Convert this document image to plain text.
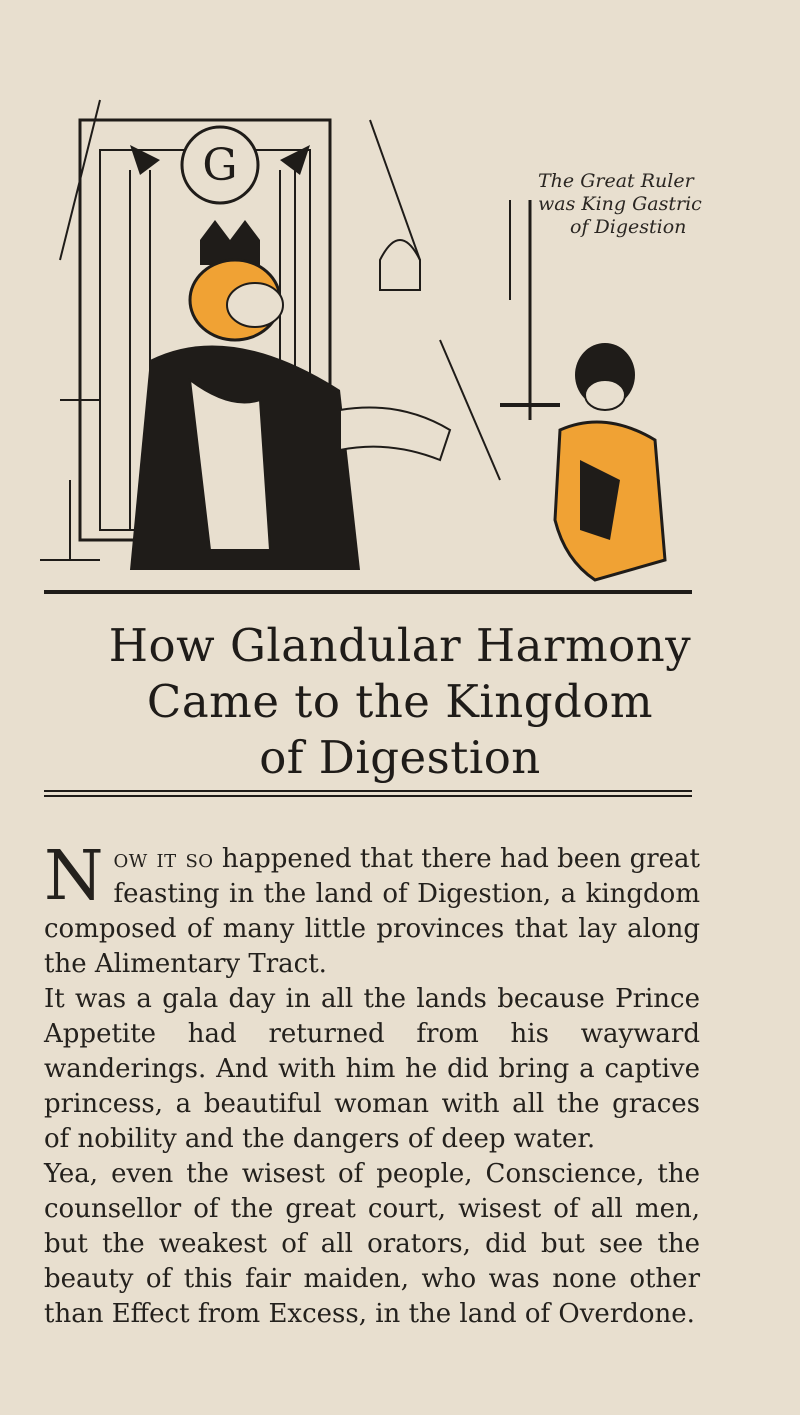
G	The Great Ruler
was King Gastric
of Digestion
How Glandular Harmony
Came to the Kingdom
of Digestion
Now it so happened that there had been great feasting in the land of Digestion, a kingdom composed of many little provinces that lay along the Alimentary Tract.
It was a gala day in all the lands because Prince Appetite had returned from his wayward wanderings. And with him he did bring a captive princess, a beautiful woman with all the graces of nobility and the dangers of deep water.
Yea, even the wisest of people, Conscience, the counsellor of the great court, wisest of all men, but the weakest of all orators, did but see the beauty of this fair maiden, who was none other than Effect from Excess, in the land of Overdone.
